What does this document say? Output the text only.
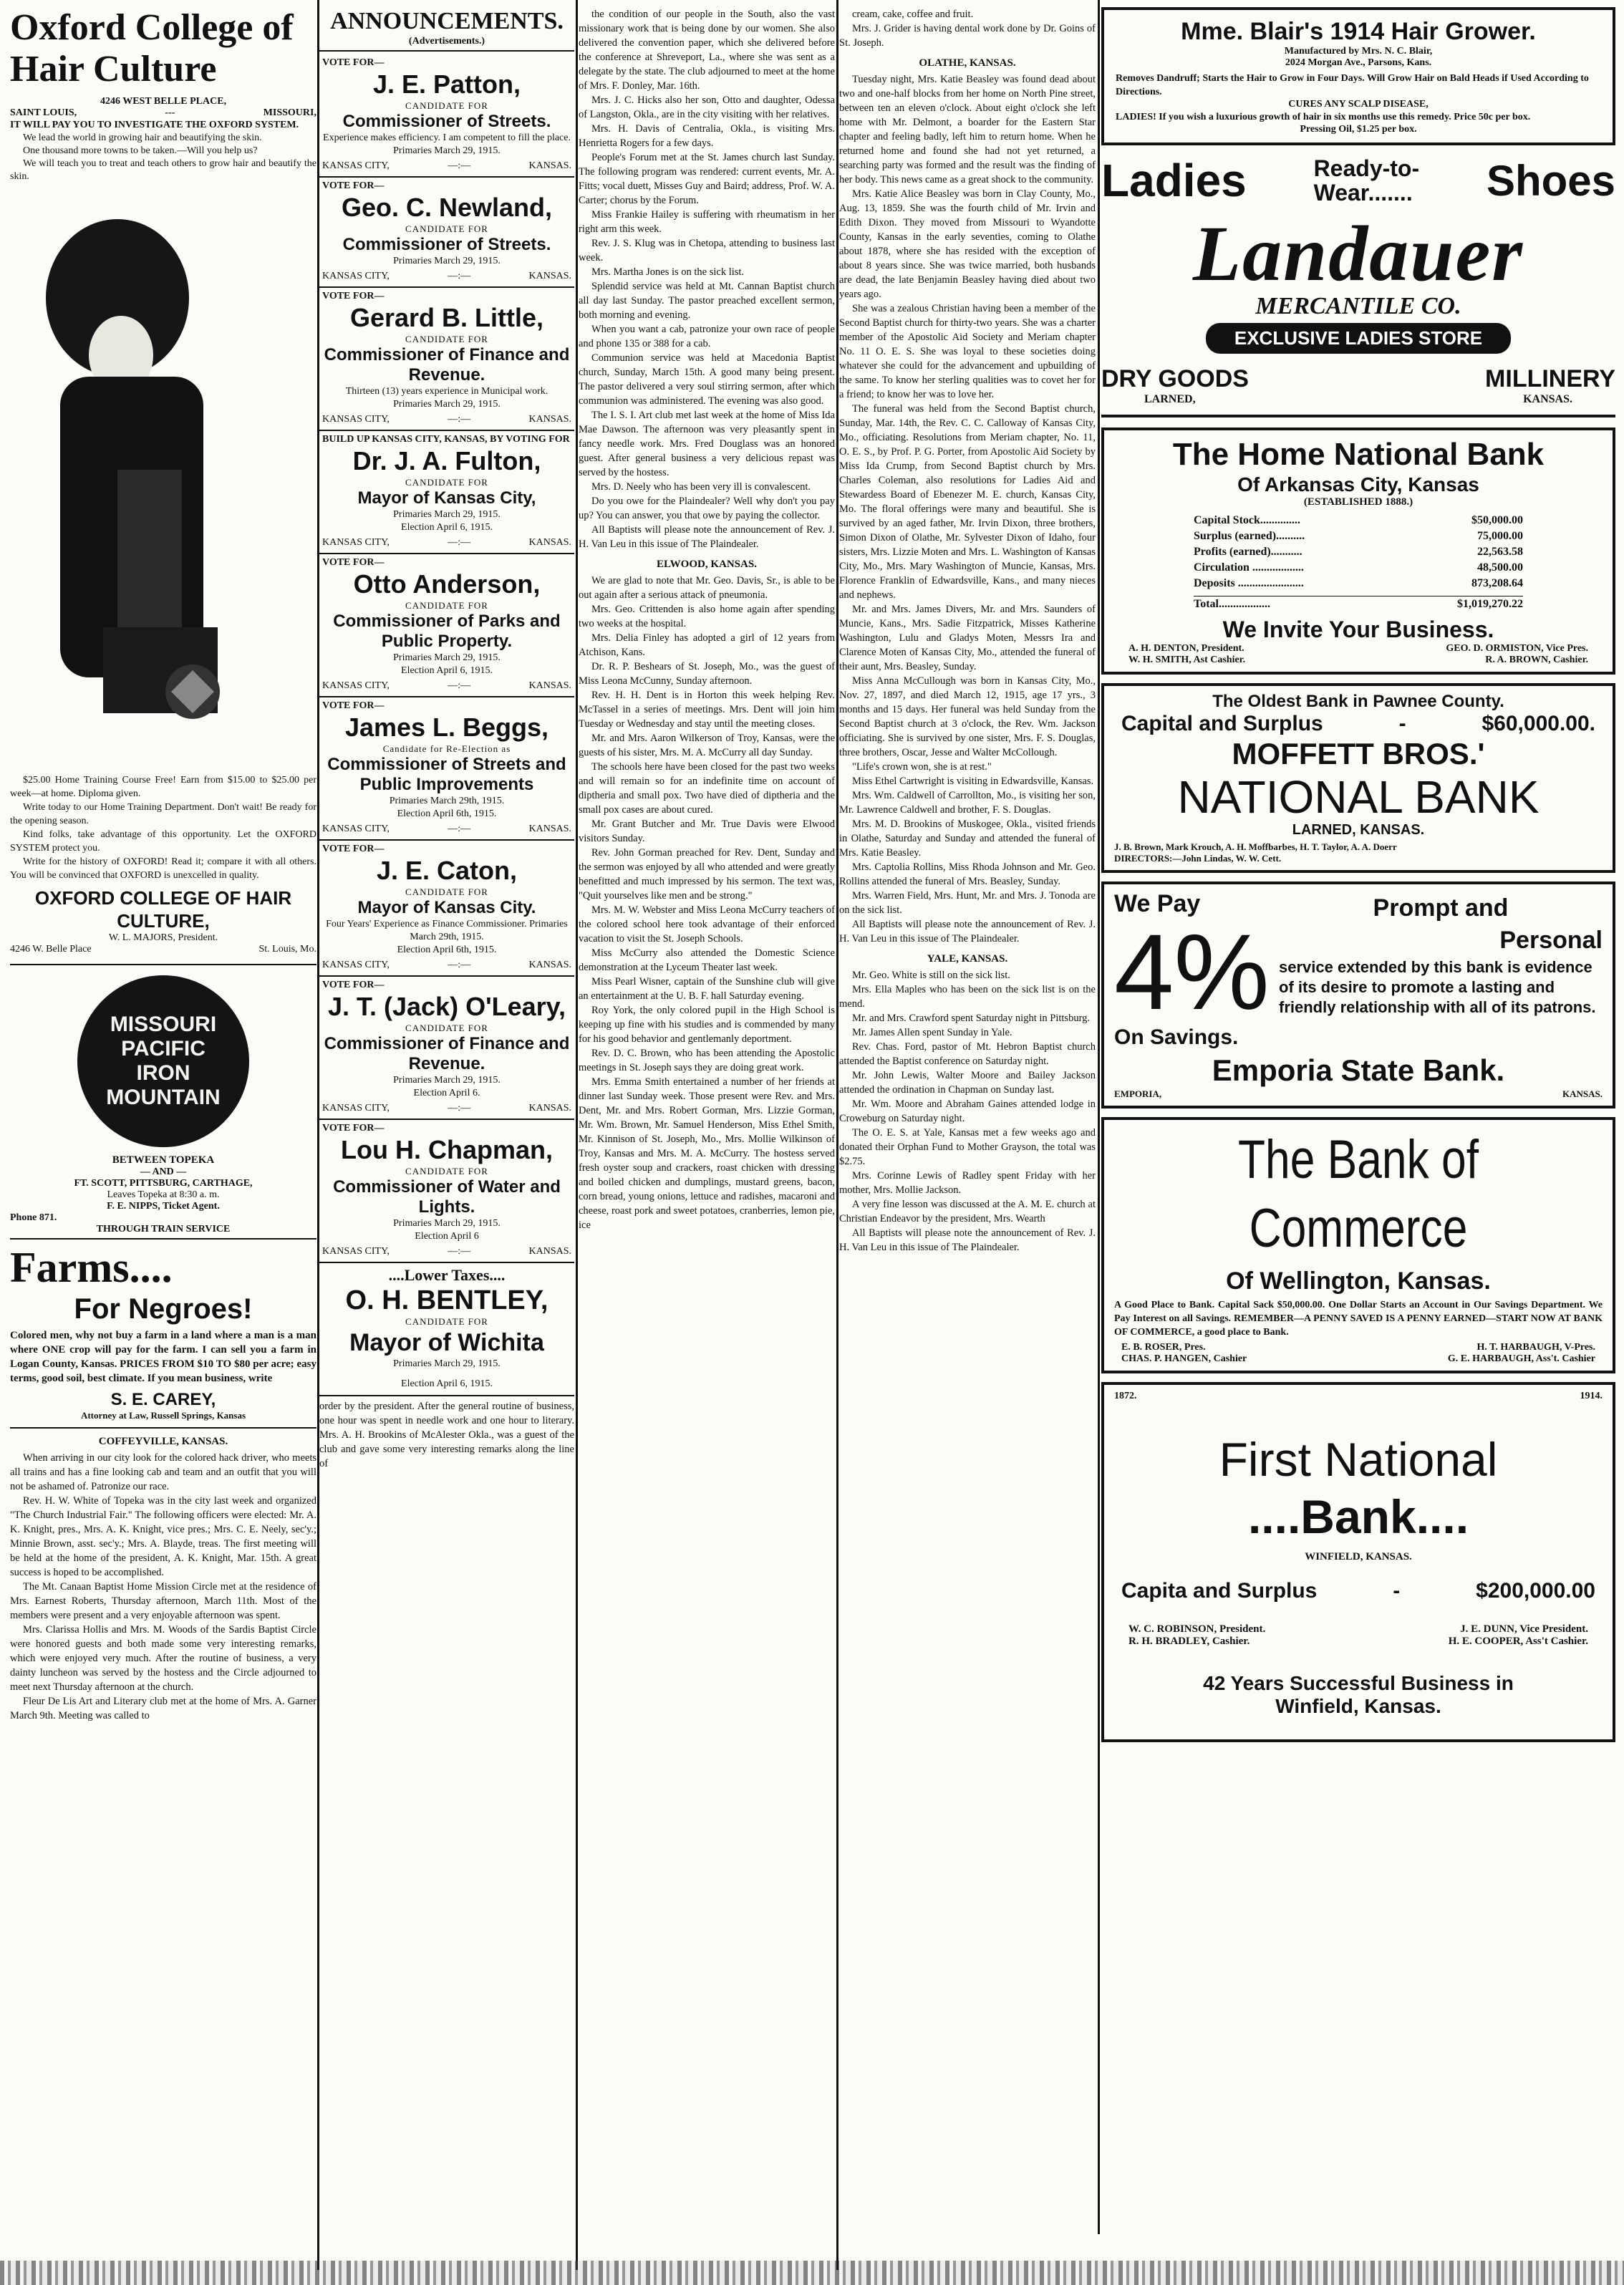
Oxford College of Hair Culture
4246 WEST BELLE PLACE,
SAINT LOUIS,	---	MISSOURI,
IT WILL PAY YOU TO INVESTIGATE THE OXFORD SYSTEM.

We lead the world in growing hair and beautifying the skin.

One thousand more towns to be taken.—Will you help us?

We will teach you to treat and teach others to grow hair and beautify the skin.

$25.00 Home Training Course Free! Earn from $15.00 to $25.00 per week—at home. Diploma given.

Write today to our Home Training Department. Don't wait! Be ready for the opening season.

Kind folks, take advantage of this opportunity. Let the OXFORD SYSTEM protect you.

Write for the history of OXFORD! Read it; compare it with all others. You will be convinced that OXFORD is unexcelled in quality.

OXFORD COLLEGE OF HAIR CULTURE,
W. L. MAJORS, President.
4246 W. Belle Place	St. Louis, Mo.
MISSOURI
PACIFIC
IRON
MOUNTAIN
BETWEEN TOPEKA
— AND —
FT. SCOTT, PITTSBURG, CARTHAGE,
Leaves Topeka at 8:30 a. m.
F. E. NIPPS, Ticket Agent.
Phone 871.
THROUGH TRAIN SERVICE
Farms....
For Negroes!
Colored men, why not buy a farm in a land where a man is a man where ONE crop will pay for the farm. I can sell you a farm in Logan County, Kansas. PRICES FROM $10 TO $80 per acre; easy terms, good soil, best climate. If you mean business, write
S. E. CAREY,
Attorney at Law, Russell Springs, Kansas
COFFEYVILLE, KANSAS.

When arriving in our city look for the colored hack driver, who meets all trains and has a fine looking cab and team and an outfit that you will not be ashamed of. Patronize our race.

Rev. H. W. White of Topeka was in the city last week and organized "The Church Industrial Fair." The following officers were elected: Mr. A. K. Knight, pres., Mrs. A. K. Knight, vice pres.; Mrs. C. E. Neely, sec'y.; Minnie Brown, asst. sec'y.; Mrs. A. Blayde, treas. The first meeting will be held at the home of the president, A. K. Knight, Mar. 15th. A great success is hoped to be accomplished.

The Mt. Canaan Baptist Home Mission Circle met at the residence of Mrs. Earnest Roberts, Thursday afternoon, March 11th. Most of the members were present and a very enjoyable afternoon was spent.

Mrs. Clarissa Hollis and Mrs. M. Woods of the Sardis Baptist Circle were honored guests and both made some very interesting remarks, which were enjoyed very much. After the routine of business, a very dainty luncheon was served by the hostess and the Circle adjourned to meet next Thursday afternoon at the church.

Fleur De Lis Art and Literary club met at the home of Mrs. A. Garner March 9th. Meeting was called to

ANNOUNCEMENTS.
(Advertisements.)
VOTE FOR—
J. E. Patton,
CANDIDATE FOR
Commissioner of Streets.
Experience makes efficiency. I am competent to fill the place.
Primaries March 29, 1915.
KANSAS CITY,	—:—	KANSAS.
VOTE FOR—
Geo. C. Newland,
CANDIDATE FOR
Commissioner of Streets.
Primaries March 29, 1915.
KANSAS CITY,	—:—	KANSAS.
VOTE FOR—
Gerard B. Little,
CANDIDATE FOR
Commissioner of Finance and Revenue.
Thirteen (13) years experience in Municipal work.
Primaries March 29, 1915.
KANSAS CITY,	—:—	KANSAS.
BUILD UP KANSAS CITY, KANSAS, BY VOTING FOR
Dr. J. A. Fulton,
CANDIDATE FOR
Mayor of Kansas City,
Primaries March 29, 1915.
Election April 6, 1915.
KANSAS CITY,	—:—	KANSAS.
VOTE FOR—
Otto Anderson,
CANDIDATE FOR
Commissioner of Parks and Public Property.
Primaries March 29, 1915.
Election April 6, 1915.
KANSAS CITY,	—:—	KANSAS.
VOTE FOR—
James L. Beggs,
Candidate for Re-Election as
Commissioner of Streets and Public Improvements
Primaries March 29th, 1915.
Election April 6th, 1915.
KANSAS CITY,	—:—	KANSAS.
VOTE FOR—
J. E. Caton,
CANDIDATE FOR
Mayor of Kansas City.
Four Years' Experience as Finance Commissioner. Primaries March 29th, 1915.
Election April 6th, 1915.
KANSAS CITY,	—:—	KANSAS.
VOTE FOR—
J. T. (Jack) O'Leary,
CANDIDATE FOR
Commissioner of Finance and Revenue.
Primaries March 29, 1915.
Election April 6.
KANSAS CITY,	—:—	KANSAS.
VOTE FOR—
Lou H. Chapman,
CANDIDATE FOR
Commissioner of Water and Lights.
Primaries March 29, 1915.
Election April 6
KANSAS CITY,	—:—	KANSAS.
....Lower Taxes....
O. H. BENTLEY,
CANDIDATE FOR
Mayor of Wichita
Primaries March 29, 1915.
Election April 6, 1915.
order by the president. After the general routine of business, one hour was spent in needle work and one hour to literary. Mrs. A. H. Brookins of McAlester Okla., was a guest of the club and gave some very interesting remarks along the line of

the condition of our people in the South, also the vast missionary work that is being done by our women. She also delivered the convention paper, which she delivered before the conference at Shreveport, La., where she was sent as a delegate by the state. The club adjourned to meet at the home of Mrs. F. Donley, Mar. 16th.

Mrs. J. C. Hicks also her son, Otto and daughter, Odessa of Langston, Okla., are in the city visiting with her relatives.

Mrs. H. Davis of Centralia, Okla., is visiting Mrs. Henrietta Rogers for a few days.

People's Forum met at the St. James church last Sunday. The following program was rendered: current events, Mr. A. Fitts; vocal duett, Misses Guy and Baird; address, Prof. W. A. Carter; chorus by the Forum.

Miss Frankie Hailey is suffering with rheumatism in her right arm this week.

Rev. J. S. Klug was in Chetopa, attending to business last week.

Mrs. Martha Jones is on the sick list.

Splendid service was held at Mt. Cannan Baptist church all day last Sunday. The pastor preached excellent sermon, both morning and evening.

When you want a cab, patronize your own race of people and phone 135 or 388 for a cab.

Communion service was held at Macedonia Baptist church, Sunday, March 15th. A good many being present. The pastor delivered a very soul stirring sermon, after which communion was administered. The evening was also good.

The I. S. I. Art club met last week at the home of Miss Ida Mae Dawson. The afternoon was very pleasantly spent in fancy needle work. Mrs. Fred Douglass was an honored guest. After general business a very delicious repast was served by the hostess.

Mrs. D. Neely who has been very ill is convalescent.

Do you owe for the Plaindealer? Well why don't you pay up? You can answer, you that owe by paying the collector.

All Baptists will please note the announcement of Rev. J. H. Van Leu in this issue of The Plaindealer.

ELWOOD, KANSAS.

We are glad to note that Mr. Geo. Davis, Sr., is able to be out again after a serious attack of pneumonia.

Mrs. Geo. Crittenden is also home again after spending two weeks at the hospital.

Mrs. Delia Finley has adopted a girl of 12 years from Atchison, Kans.

Dr. R. P. Beshears of St. Joseph, Mo., was the guest of Miss Leona McCunny, Sunday afternoon.

Rev. H. H. Dent is in Horton this week helping Rev. McTassel in a series of meetings. Mrs. Dent will join him Tuesday or Wednesday and stay until the meeting closes.

Mr. and Mrs. Aaron Wilkerson of Troy, Kansas, were the guests of his sister, Mrs. M. A. McCurry all day Sunday.

The schools here have been closed for the past two weeks and will remain so for an indefinite time on account of diptheria and small pox. Two have died of diptheria and the small pox cases are about cured.

Mr. Grant Butcher and Mr. True Davis were Elwood visitors Sunday.

Rev. John Gorman preached for Rev. Dent, Sunday and the sermon was enjoyed by all who attended and were greatly benefitted and much impressed by his sermon. The text was, "Quit yourselves like men and be strong."

Mrs. M. W. Webster and Miss Leona McCurry teachers of the colored school here took advantage of their enforced vacation to visit the St. Joseph Schools.

Miss McCurry also attended the Domestic Science demonstration at the Lyceum Theater last week.

Miss Pearl Wisner, captain of the Sunshine club will give an entertainment at the U. B. F. hall Saturday evening.

Roy York, the only colored pupil in the High School is keeping up fine with his studies and is commended by many for his good behavior and gentlemanly deportment.

Rev. D. C. Brown, who has been attending the Apostolic meetings in St. Joseph says they are doing great work.

Mrs. Emma Smith entertained a number of her friends at dinner last Sunday week. Those present were Rev. and Mrs. Dent, Mr. and Mrs. Robert Gorman, Mrs. Lizzie Gorman, Mr. Wm. Brown, Mr. Samuel Henderson, Miss Ethel Smith, Mr. Kinnison of St. Joseph, Mo., Mrs. Mollie Wilkinson of Troy, Kansas and Mrs. M. A. McCurry. The hostess served fresh oyster soup and crackers, roast chicken with dressing and boiled chicken and dumplings, mustard greens, bacon, corn bread, young onions, lettuce and radishes, macaroni and cheese, roast pork and sweet potatoes, cranberries, lemon pie, ice

cream, cake, coffee and fruit.

Mrs. J. Grider is having dental work done by Dr. Goins of St. Joseph.

OLATHE, KANSAS.

Tuesday night, Mrs. Katie Beasley was found dead about two and one-half blocks from her home on North Pine street, between ten an eleven o'clock. About eight o'clock she left home with Mr. Delmont, a boarder for the Eastern Star chapter and feeling badly, left him to return home. When he returned home and found she had not yet returned, a searching party was formed and the result was the finding of her body. This news came as a great shock to the community.

Mrs. Katie Alice Beasley was born in Clay County, Mo., Aug. 13, 1859. She was the fourth child of Mr. Irvin and Edith Dixon. They moved from Missouri to Wyandotte County, Kansas in the early seventies, coming to Olathe about 1878, where she has resided with the exception of about 8 years since. She was twice married, both husbands are dead, the late Benjamin Beasley having died about two years ago.

She was a zealous Christian having been a member of the Second Baptist church for thirty-two years. She was a charter member of the Apostolic Aid Society and Meriam chapter No. 11 O. E. S. She was loyal to these societies doing whatever she could for the advancement and upbuilding of the same. To know her sterling qualities was to covet her for a friend; to know her was to love her.

The funeral was held from the Second Baptist church, Sunday, Mar. 14th, the Rev. C. C. Calloway of Kansas City, Mo., officiating. Resolutions from Meriam chapter, No. 11, O. E. S., by Prof. P. G. Porter, from Apostolic Aid Society by Miss Ida Crump, from Second Baptist church by Mrs. Charles Coleman, also resolutions for Ladies Aid and Stewardess Board of Ebenezer M. E. church, Kansas City, Mo. The floral offerings were many and beautiful. She is survived by an aged father, Mr. Irvin Dixon, three brothers, Simon Dixon of Olathe, Mr. Sylvester Dixon of Idaho, four sisters, Mrs. Lizzie Moten and Mrs. L. Washington of Kansas City, Mo., Mrs. Mary Washington of Muncie, Kansas, Mrs. Florence Franklin of Edwardsville, Kans., and many nieces and nephews.

Mr. and Mrs. James Divers, Mr. and Mrs. Saunders of Muncie, Kans., Mrs. Sadie Fitzpatrick, Misses Katherine Washington, Lulu and Gladys Moten, Messrs Ira and Clarence Moten of Kansas City, Mo., attended the funeral of their aunt, Mrs. Beasley, Sunday.

Miss Anna McCullough was born in Kansas City, Mo., Nov. 27, 1897, and died March 12, 1915, age 17 yrs., 3 months and 15 days. Her funeral was held Sunday from the Second Baptist church at 3 o'clock, the Rev. Wm. Jackson officiating. She is survived by one sister, Mrs. F. S. Douglas, three brothers, Oscar, Jesse and Walter McCollough.

"Life's crown won, she is at rest."

Miss Ethel Cartwright is visiting in Edwardsville, Kansas.

Mrs. Wm. Caldwell of Carrollton, Mo., is visiting her son, Mr. Lawrence Caldwell and brother, F. S. Douglas.

Mrs. M. D. Brookins of Muskogee, Okla., visited friends in Olathe, Saturday and Sunday and attended the funeral of Mrs. Katie Beasley.

Mrs. Captolia Rollins, Miss Rhoda Johnson and Mr. Geo. Rollins attended the funeral of Mrs. Beasley, Sunday.

Mrs. Warren Field, Mrs. Hunt, Mr. and Mrs. J. Tonoda are on the sick list.

All Baptists will please note the announcement of Rev. J. H. Van Leu in this issue of The Plaindealer.

YALE, KANSAS.

Mr. Geo. White is still on the sick list.

Mrs. Ella Maples who has been on the sick list is on the mend.

Mr. and Mrs. Crawford spent Saturday night in Pittsburg.

Mr. James Allen spent Sunday in Yale.

Rev. Chas. Ford, pastor of Mt. Hebron Baptist church attended the Baptist conference on Saturday night.

Mr. John Lewis, Walter Moore and Bailey Jackson attended the ordination in Chapman on Sunday last.

Mr. Wm. Moore and Abraham Gaines attended lodge in Croweburg on Saturday night.

The O. E. S. at Yale, Kansas met a few weeks ago and donated their Orphan Fund to Mother Grayson, the total was $2.75.

Mrs. Corinne Lewis of Radley spent Friday with her mother, Mrs. Mollie Jackson.

A very fine lesson was discussed at the A. M. E. church at Christian Endeavor by the president, Mrs. Wearth

All Baptists will please note the announcement of Rev. J. H. Van Leu in this issue of The Plaindealer.

Mme. Blair's 1914 Hair Grower.
Manufactured by Mrs. N. C. Blair,
2024 Morgan Ave., Parsons, Kans.
Removes Dandruff; Starts the Hair to Grow in Four Days. Will Grow Hair on Bald Heads if Used According to Directions.
CURES ANY SCALP DISEASE,
LADIES! If you wish a luxurious growth of hair in six months use this remedy. Price 50c per box.
Pressing Oil, $1.25 per box.
Ladies	Ready-to-
Wear....... Shoes
Landauer
MERCANTILE CO.
EXCLUSIVE LADIES STORE
DRY GOODS	MILLINERY
LARNED,	KANSAS.
The Home National Bank
Of Arkansas City, Kansas
(ESTABLISHED 1888.)
Capital Stock..............	$50,000.00
Surplus (earned)..........	75,000.00
Profits (earned)...........	22,563.58
Circulation ..................	48,500.00
Deposits .......................	873,208.64
Total..................	$1,019,270.22
We Invite Your Business.
A. H. DENTON, President.	GEO. D. ORMISTON, Vice Pres.
W. H. SMITH, Ast Cashier.	R. A. BROWN, Cashier.
The Oldest Bank in Pawnee County.
Capital and Surplus	-	$60,000.00.
MOFFETT BROS.'
NATIONAL BANK
LARNED, KANSAS.
J. B. Brown, Mark Krouch, A. H. Moffbarbes, H. T. Taylor, A. A. Doerr
DIRECTORS:—John Lindas, W. W. Cett.
We Pay
4%
On Savings.
Prompt and
Personal
service extended by this bank is evidence of its desire to promote a lasting and friendly relationship with all of its patrons.
Emporia State Bank.
EMPORIA,	KANSAS.
The Bank of Commerce
Of Wellington, Kansas.
A Good Place to Bank. Capital Sack $50,000.00. One Dollar Starts an Account in Our Savings Department. We Pay Interest on all Savings. REMEMBER—A PENNY SAVED IS A PENNY EARNED—START NOW AT BANK OF COMMERCE, a good place to Bank.
E. B. ROSER, Pres.	H. T. HARBAUGH, V-Pres.
CHAS. P. HANGEN, Cashier	G. E. HARBAUGH, Ass't. Cashier
1872.	1914.
First National
....Bank....
WINFIELD, KANSAS.
Capita and Surplus	-	$200,000.00
W. C. ROBINSON, President.	J. E. DUNN, Vice President.
R. H. BRADLEY, Cashier.	H. E. COOPER, Ass't Cashier.
42 Years Successful Business in
Winfield, Kansas.
